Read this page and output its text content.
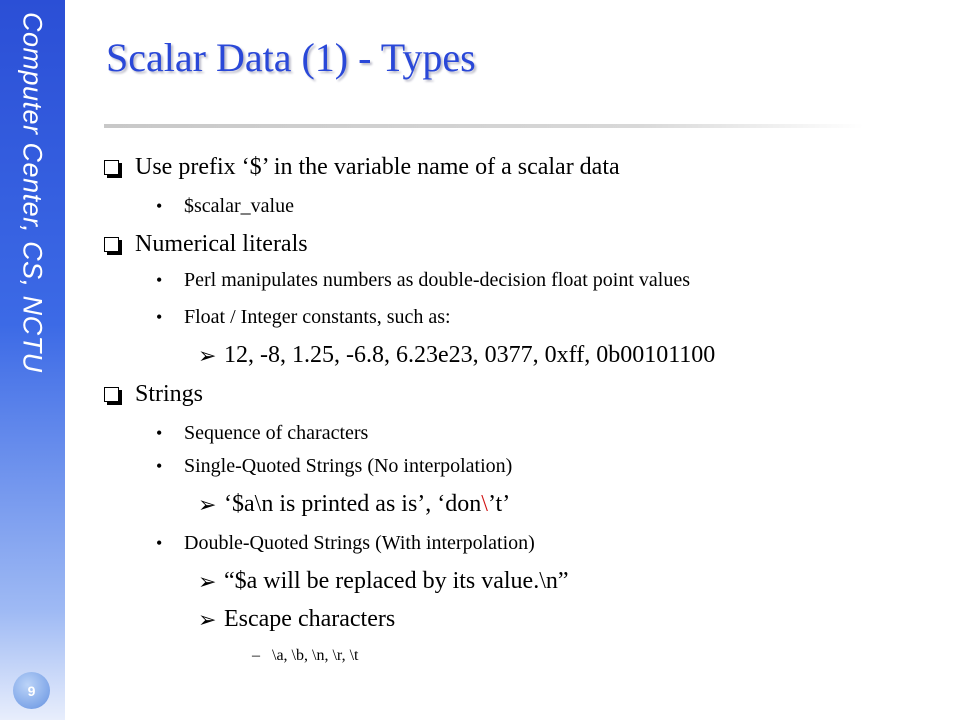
Computer Center, CS, NCTU
9
Scalar Data (1) - Types
Use prefix ‘$’ in the variable name of a scalar data
•	$scalar_value
Numerical literals
•	Perl manipulates numbers as double-decision float point values
•	Float / Integer constants, such as:
➢ 12, -8, 1.25, -6.8, 6.23e23, 0377, 0xff, 0b00101100
Strings
•	Sequence of characters
•	Single-Quoted Strings (No interpolation)
➢ ‘$a\n is printed as is’, ‘don \ ’t’
•	Double-Quoted Strings (With interpolation)
➢ “$a will be replaced by its value.\n”
➢ Escape characters
– \a, \b, \n, \r, \t
